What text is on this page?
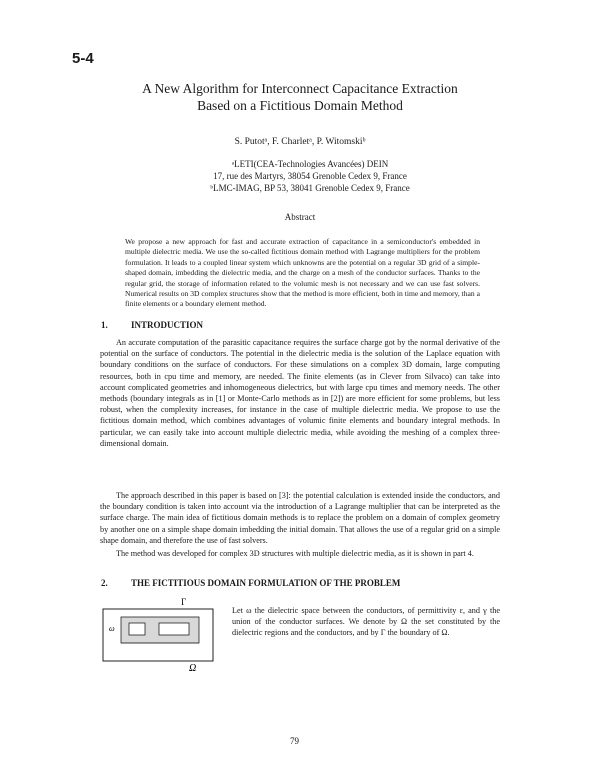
5-4
A New Algorithm for Interconnect Capacitance Extraction
Based on a Fictitious Domain Method
S. Putotᵃ, F. Charletᵃ, P. Witomskiᵇ
ᵃLETI(CEA-Technologies Avancées) DEIN
17, rue des Martyrs, 38054 Grenoble Cedex 9, France
ᵇLMC-IMAG, BP 53, 38041 Grenoble Cedex 9, France
Abstract
We propose a new approach for fast and accurate extraction of capacitance in a semiconductor's embedded in multiple dielectric media. We use the so-called fictitious domain method with Lagrange multipliers for the problem formulation. It leads to a coupled linear system which unknowns are the potential on a regular 3D grid of a simple-shaped domain, imbedding the dielectric media, and the charge on a mesh of the conductor surfaces. Thanks to the regular grid, the storage of information related to the volumic mesh is not necessary and we can use fast solvers. Numerical results on 3D complex structures show that the method is more efficient, both in time and memory, than a finite elements or a boundary element method.
1.	INTRODUCTION
An accurate computation of the parasitic capacitance requires the surface charge got by the normal derivative of the potential on the surface of conductors. The potential in the dielectric media is the solution of the Laplace equation with boundary conditions on the surface of conductors. For these simulations on a complex 3D domain, large computing resources, both in cpu time and memory, are needed. The finite elements (as in Clever from Silvaco) can take into account complicated geometries and inhomogeneous dielectrics, but with large cpu times and memory needs. The other methods (boundary integrals as in [1] or Monte-Carlo methods as in [2]) are more efficient for some problems, but less robust, when the complexity increases, for instance in the case of multiple dielectric media. We propose to use the fictitious domain method, which combines advantages of volumic finite elements and boundary integral methods. In particular, we can easily take into account multiple dielectric media, while avoiding the meshing of a complex three-dimensional domain.
The approach described in this paper is based on [3]: the potential calculation is extended inside the conductors, and the boundary condition is taken into account via the introduction of a Lagrange multiplier that can be interpreted as the surface charge. The main idea of fictitious domain methods is to replace the problem on a domain of complex geometry by another one on a simple shape domain imbedding the initial domain. That allows the use of a regular grid on a simple shape domain, and therefore the use of fast solvers.
The method was developed for complex 3D structures with multiple dielectric media, as it is shown in part 4.
2.	THE FICTITIOUS DOMAIN FORMULATION OF THE PROBLEM
Γ
ω
Ω
Let ω the dielectric space between the conductors, of permittivity ε, and γ the union of the conductor surfaces. We denote by Ω the set constituted by the dielectric regions and the conductors, and by Γ the boundary of Ω.
79
